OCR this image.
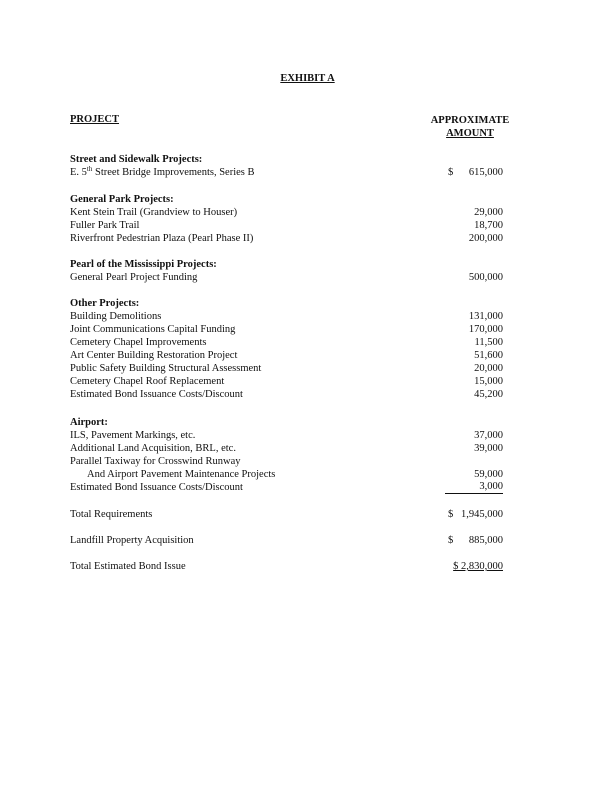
EXHIBIT A
PROJECT	APPROXIMATE
AMOUNT
Street and Sidewalk Projects:
E. 5th Street Bridge Improvements, Series B	$ 615,000
General Park Projects:
Kent Stein Trail (Grandview to Houser)	29,000
Fuller Park Trail	18,700
Riverfront Pedestrian Plaza (Pearl Phase II)	200,000
Pearl of the Mississippi Projects:
General Pearl Project Funding	500,000
Other Projects:
Building Demolitions	131,000
Joint Communications Capital Funding	170,000
Cemetery Chapel Improvements	11,500
Art Center Building Restoration Project	51,600
Public Safety Building Structural Assessment	20,000
Cemetery Chapel Roof Replacement	15,000
Estimated Bond Issuance Costs/Discount	45,200
Airport:
ILS, Pavement Markings, etc.	37,000
Additional Land Acquisition, BRL, etc.	39,000
Parallel Taxiway for Crosswind Runway
And Airport Pavement Maintenance Projects	59,000
Estimated Bond Issuance Costs/Discount	3,000
Total Requirements	$ 1,945,000
Landfill Property Acquisition	$ 885,000
Total Estimated Bond Issue	$ 2,830,000
